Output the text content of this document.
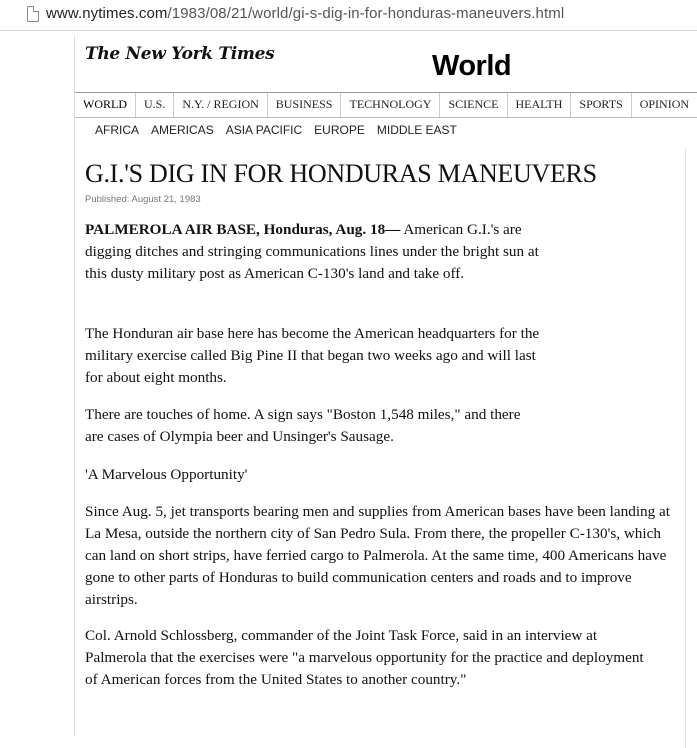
www.nytimes.com/1983/08/21/world/gi-s-dig-in-for-honduras-maneuvers.html
The New York Times	World
WORLD	U.S.	N.Y. / REGION	BUSINESS	TECHNOLOGY	SCIENCE	HEALTH	SPORTS	OPINION
AFRICA AMERICAS ASIA PACIFIC EUROPE MIDDLE EAST
G.I.'S DIG IN FOR HONDURAS MANEUVERS
Published: August 21, 1983
PALMEROLA AIR BASE, Honduras, Aug. 18— American G.I.'s are digging ditches and stringing communications lines under the bright sun at this dusty military post as American C-130's land and take off.
The Honduran air base here has become the American headquarters for the military exercise called Big Pine II that began two weeks ago and will last for about eight months.
There are touches of home. A sign says "Boston 1,548 miles," and there are cases of Olympia beer and Unsinger's Sausage.
'A Marvelous Opportunity'
Since Aug. 5, jet transports bearing men and supplies from American bases have been landing at La Mesa, outside the northern city of San Pedro Sula. From there, the propeller C-130's, which can land on short strips, have ferried cargo to Palmerola. At the same time, 400 Americans have gone to other parts of Honduras to build communication centers and roads and to improve airstrips.
Col. Arnold Schlossberg, commander of the Joint Task Force, said in an interview at Palmerola that the exercises were "a marvelous opportunity for the practice and deployment of American forces from the United States to another country."
